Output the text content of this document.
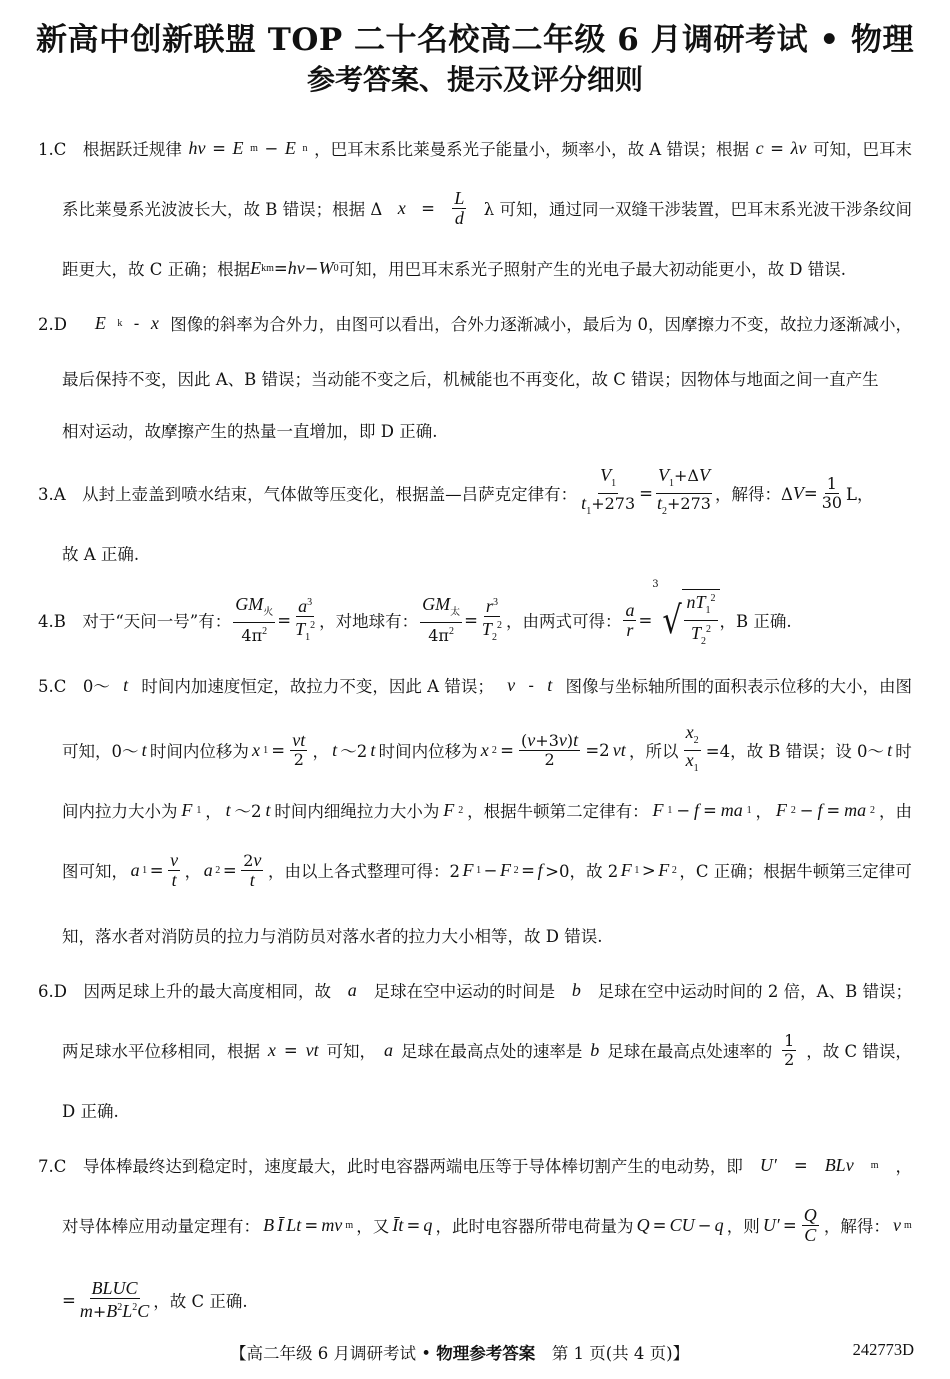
新高中创新联盟 TOP 二十名校高二年级 6 月调研考试 • 物理
参考答案、提示及评分细则
1.C　根据跃迁规律 hν = E m − E n ，巴耳末系比莱曼系光子能量小，频率小，故 A 错误；根据 c = λν 可知，巴耳末
系比莱曼系光波波长大，故 B 错误；根据 Δ $x = \frac{L}{d}$ λ 可知，通过同一双缝干涉装置，巴耳末系光波干涉条纹间
距更大，故 C 正确；根据 E km = hν − W 0 可知，用巴耳末系光子照射产生的光电子最大初动能更小，故 D 错误.
2.D　 E k - x 图像的斜率为合外力，由图可以看出，合外力逐渐减小，最后为 0，因摩擦力不变，故拉力逐渐减小，
最后保持不变，因此 A、B 错误；当动能不变之后，机械能也不再变化，故 C 错误；因物体与地面之间一直产生
相对运动，故摩擦产生的热量一直增加，即 D 正确.
3.A　从封上壶盖到喷水结束，气体做等压变化，根据盖—吕萨克定律有： $\frac{V1}{t1+273} = \frac{V1+\Delta V}{t2+273}$ ，解得：Δ $V = \frac{1}{30}$ L，
故 A 正确.
4.B　对于“天问一号”有： $\frac{\text{GM火}}{4\pi 2} = \frac{a3}{T12}$ ，对地球有： $\frac{\text{GM太}}{4\pi 2} = \frac{r3}{T22}$ ，由两式可得： $\frac{a}{r}$ =
3
√ $\frac{nT12}{T22}$ ，B 正确.
5.C　0～ t 时间内加速度恒定，故拉力不变，因此 A 错误； v - t 图像与坐标轴所围的面积表示位移的大小，由图
可知，0～ t 时间内位移为 x $1 = \frac{vt}{2}$ ， t ～2 t 时间内位移为 x $2 = \frac{(v+3v)t}{2} =2$ vt ，所以 $\frac{x2}{x1} =4$，故 B 错误；设 0～ t 时
间内拉力大小为 F 1 ， t ～2 t 时间内细绳拉力大小为 F 2 ，根据牛顿第二定律有： F 1 − f = ma 1 ， F 2 − f = ma 2 ，由
图可知， a $1 = \frac{v}{t}$ ， a $2 = \frac{2v}{t}$ ，由以上各式整理可得：2 F 1 − F 2 = f >0，故 2 F 1 > F 2 ，C 正确；根据牛顿第三定律可
知，落水者对消防员的拉力与消防员对落水者的拉力大小相等，故 D 错误.
6.D　因两足球上升的最大高度相同，故 a 足球在空中运动的时间是 b 足球在空中运动时间的 2 倍，A、B 错误；
两足球水平位移相同，根据 x = vt 可知， a 足球在最高点处的速率是 b 足球在最高点处速率的 $\frac{1}{2}$ ，故 C 错误，
D 正确.
7.C　导体棒最终达到稳定时，速度最大，此时电容器两端电压等于导体棒切割产生的电动势，即 U′ = BLv m ，
对导体棒应用动量定理有： B Ī Lt = mv m ，又 Īt = q ，此时电容器所带电荷量为 Q = CU − q ，则 $U' = \frac{Q}{C}$ ，解得： v m
= $\frac{\text{BLUC}}{m+B2L2C}$ ，故 C 正确.
【高二年级 6 月调研考试 • 物理参考答案　第 1 页(共 4 页)】	242773D
